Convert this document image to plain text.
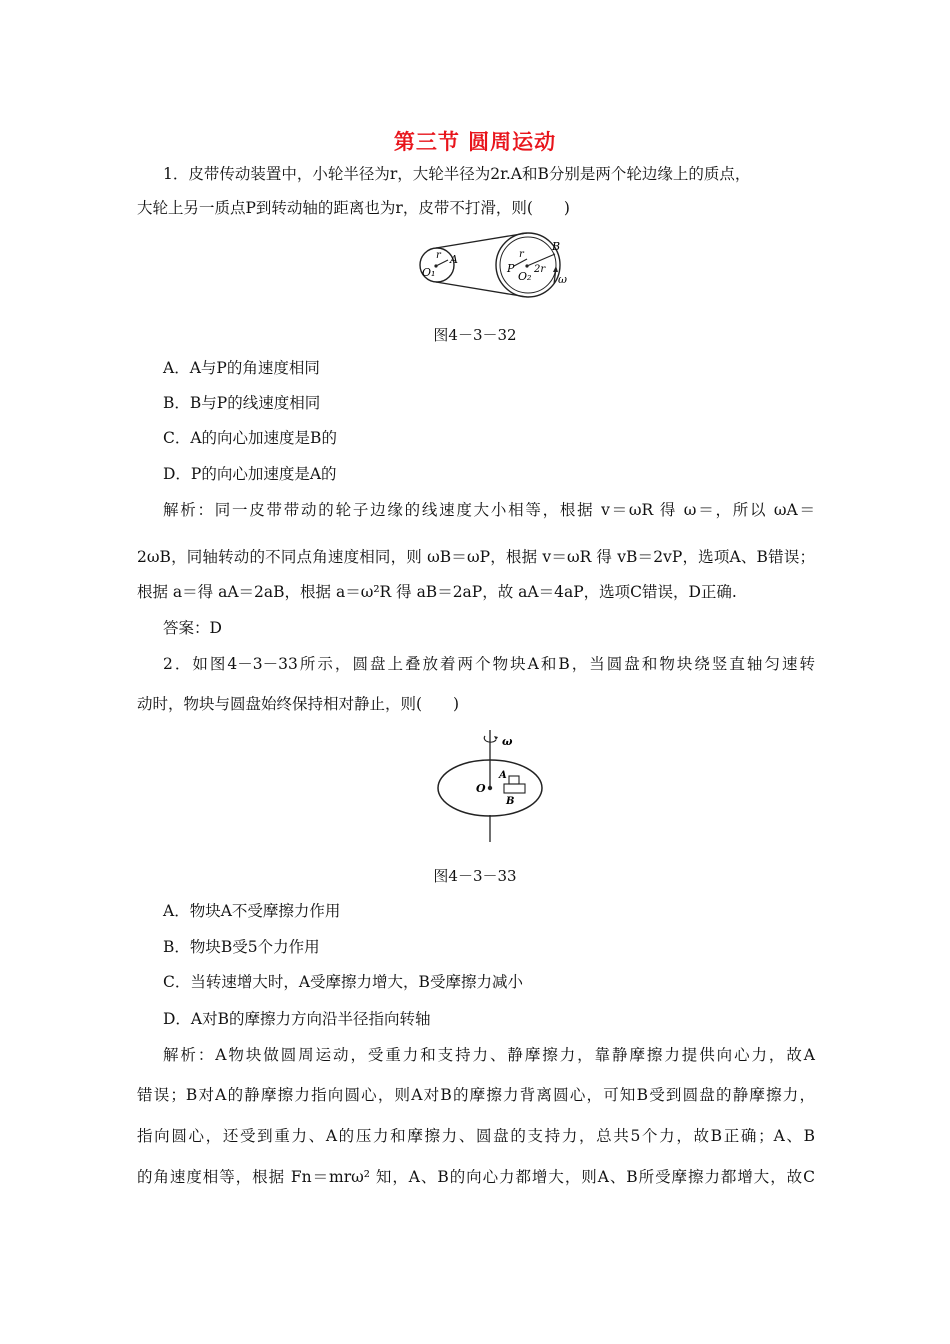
第三节 圆周运动
1．皮带传动装置中，小轮半径为r，大轮半径为2r.A和B分别是两个轮边缘上的质点，
大轮上另一质点P到转动轴的距离也为r，皮带不打滑，则(　　)
O₁
A
r
P
r
O₂
2r
B
ω
图4－3－32
A．A与P的角速度相同
B．B与P的线速度相同
C．A的向心加速度是B的
D．P的向心加速度是A的
解析：同一皮带带动的轮子边缘的线速度大小相等，根据 v＝ωR 得 ω＝，所以 ωA＝
2ωB，同轴转动的不同点角速度相同，则 ωB＝ωP，根据 v＝ωR 得 vB＝2vP，选项A、B错误；
根据 a＝得 aA＝2aB，根据 a＝ω²R 得 aB＝2aP，故 aA＝4aP，选项C错误，D正确.
答案：D
2．如图4－3－33所示，圆盘上叠放着两个物块A和B，当圆盘和物块绕竖直轴匀速转
动时，物块与圆盘始终保持相对静止，则(　　)
ω
O
A
B
图4－3－33
A．物块A不受摩擦力作用
B．物块B受5个力作用
C．当转速增大时，A受摩擦力增大，B受摩擦力减小
D．A对B的摩擦力方向沿半径指向转轴
解析：A物块做圆周运动，受重力和支持力、静摩擦力，靠静摩擦力提供向心力，故A
错误；B对A的静摩擦力指向圆心，则A对B的摩擦力背离圆心，可知B受到圆盘的静摩擦力，
指向圆心，还受到重力、A的压力和摩擦力、圆盘的支持力，总共5个力，故B正确；A、B
的角速度相等，根据 Fn＝mrω² 知，A、B的向心力都增大，则A、B所受摩擦力都增大，故C
